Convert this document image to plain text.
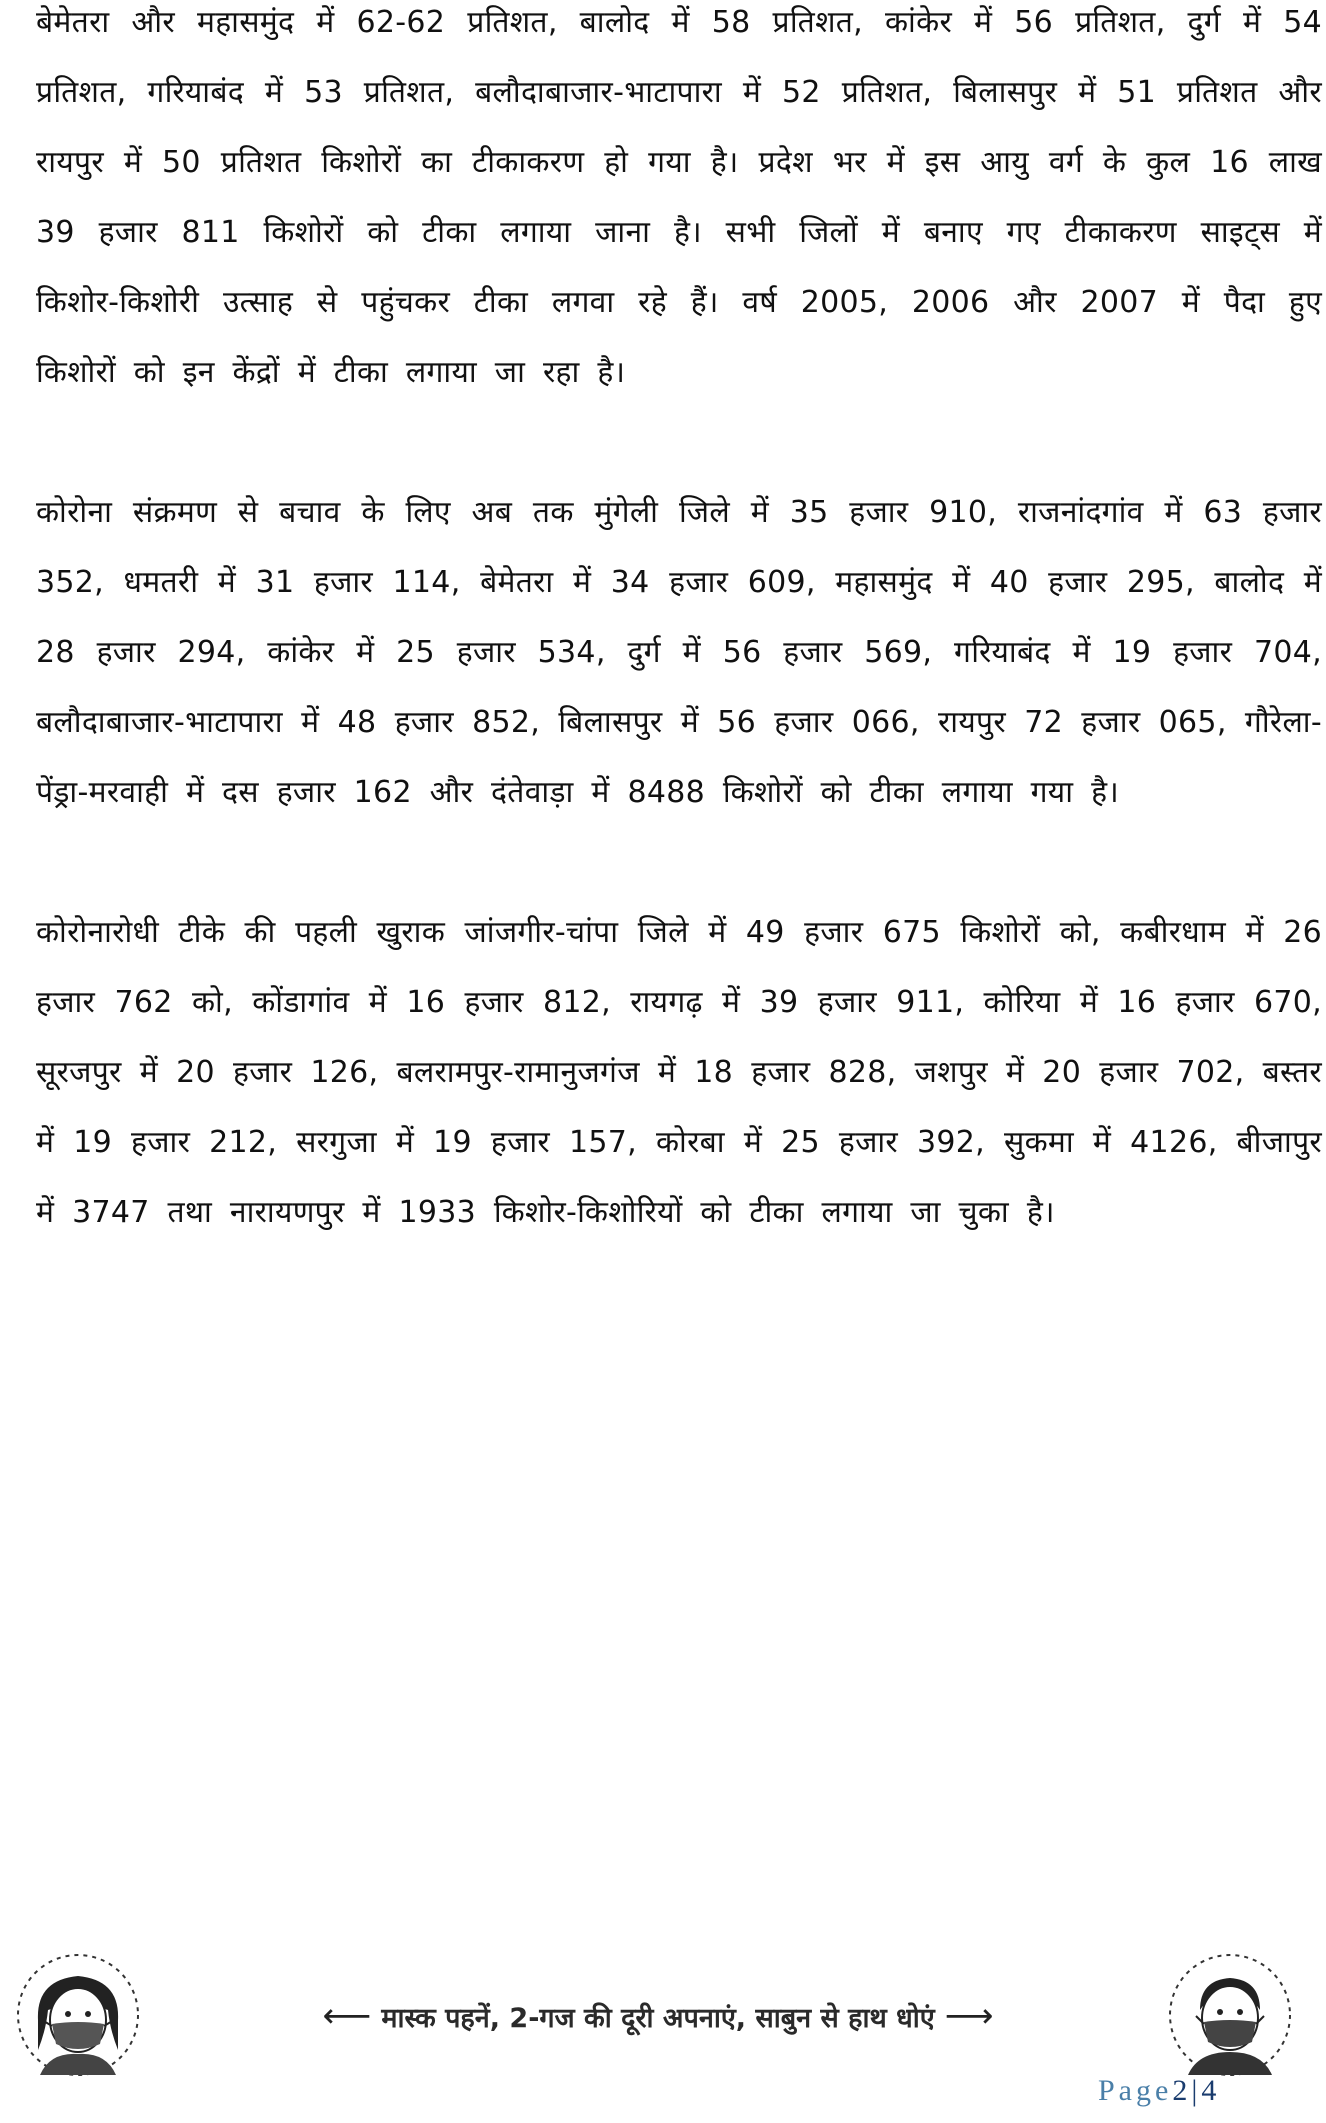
बेमेतरा और महासमुंद में 62-62 प्रतिशत, बालोद में 58 प्रतिशत, कांकेर में 56 प्रतिशत, दुर्ग में 54 प्रतिशत, गरियाबंद में 53 प्रतिशत, बलौदाबाजार-भाटापारा में 52 प्रतिशत, बिलासपुर में 51 प्रतिशत और रायपुर में 50 प्रतिशत किशोरों का टीकाकरण हो गया है। प्रदेश भर में इस आयु वर्ग के कुल 16 लाख 39 हजार 811 किशोरों को टीका लगाया जाना है। सभी जिलों में बनाए गए टीकाकरण साइट्स में किशोर-किशोरी उत्साह से पहुंचकर टीका लगवा रहे हैं। वर्ष 2005, 2006 और 2007 में पैदा हुए किशोरों को इन केंद्रों में टीका लगाया जा रहा है।

कोरोना संक्रमण से बचाव के लिए अब तक मुंगेली जिले में 35 हजार 910, राजनांदगांव में 63 हजार 352, धमतरी में 31 हजार 114, बेमेतरा में 34 हजार 609, महासमुंद में 40 हजार 295, बालोद में 28 हजार 294, कांकेर में 25 हजार 534, दुर्ग में 56 हजार 569, गरियाबंद में 19 हजार 704, बलौदाबाजार-भाटापारा में 48 हजार 852, बिलासपुर में 56 हजार 066, रायपुर 72 हजार 065, गौरेला-पेंड्रा-मरवाही में दस हजार 162 और दंतेवाड़ा में 8488 किशोरों को टीका लगाया गया है।

कोरोनारोधी टीके की पहली खुराक जांजगीर-चांपा जिले में 49 हजार 675 किशोरों को, कबीरधाम में 26 हजार 762 को, कोंडागांव में 16 हजार 812, रायगढ़ में 39 हजार 911, कोरिया में 16 हजार 670, सूरजपुर में 20 हजार 126, बलरामपुर-रामानुजगंज में 18 हजार 828, जशपुर में 20 हजार 702, बस्तर में 19 हजार 212, सरगुजा में 19 हजार 157, कोरबा में 25 हजार 392, सुकमा में 4126, बीजापुर में 3747 तथा नारायणपुर में 1933 किशोर-किशोरियों को टीका लगाया जा चुका है।

⟵ मास्क पहनें, 2-गज की दूरी अपनाएं, साबुन से हाथ धोएं ⟶
Page2 | 4
